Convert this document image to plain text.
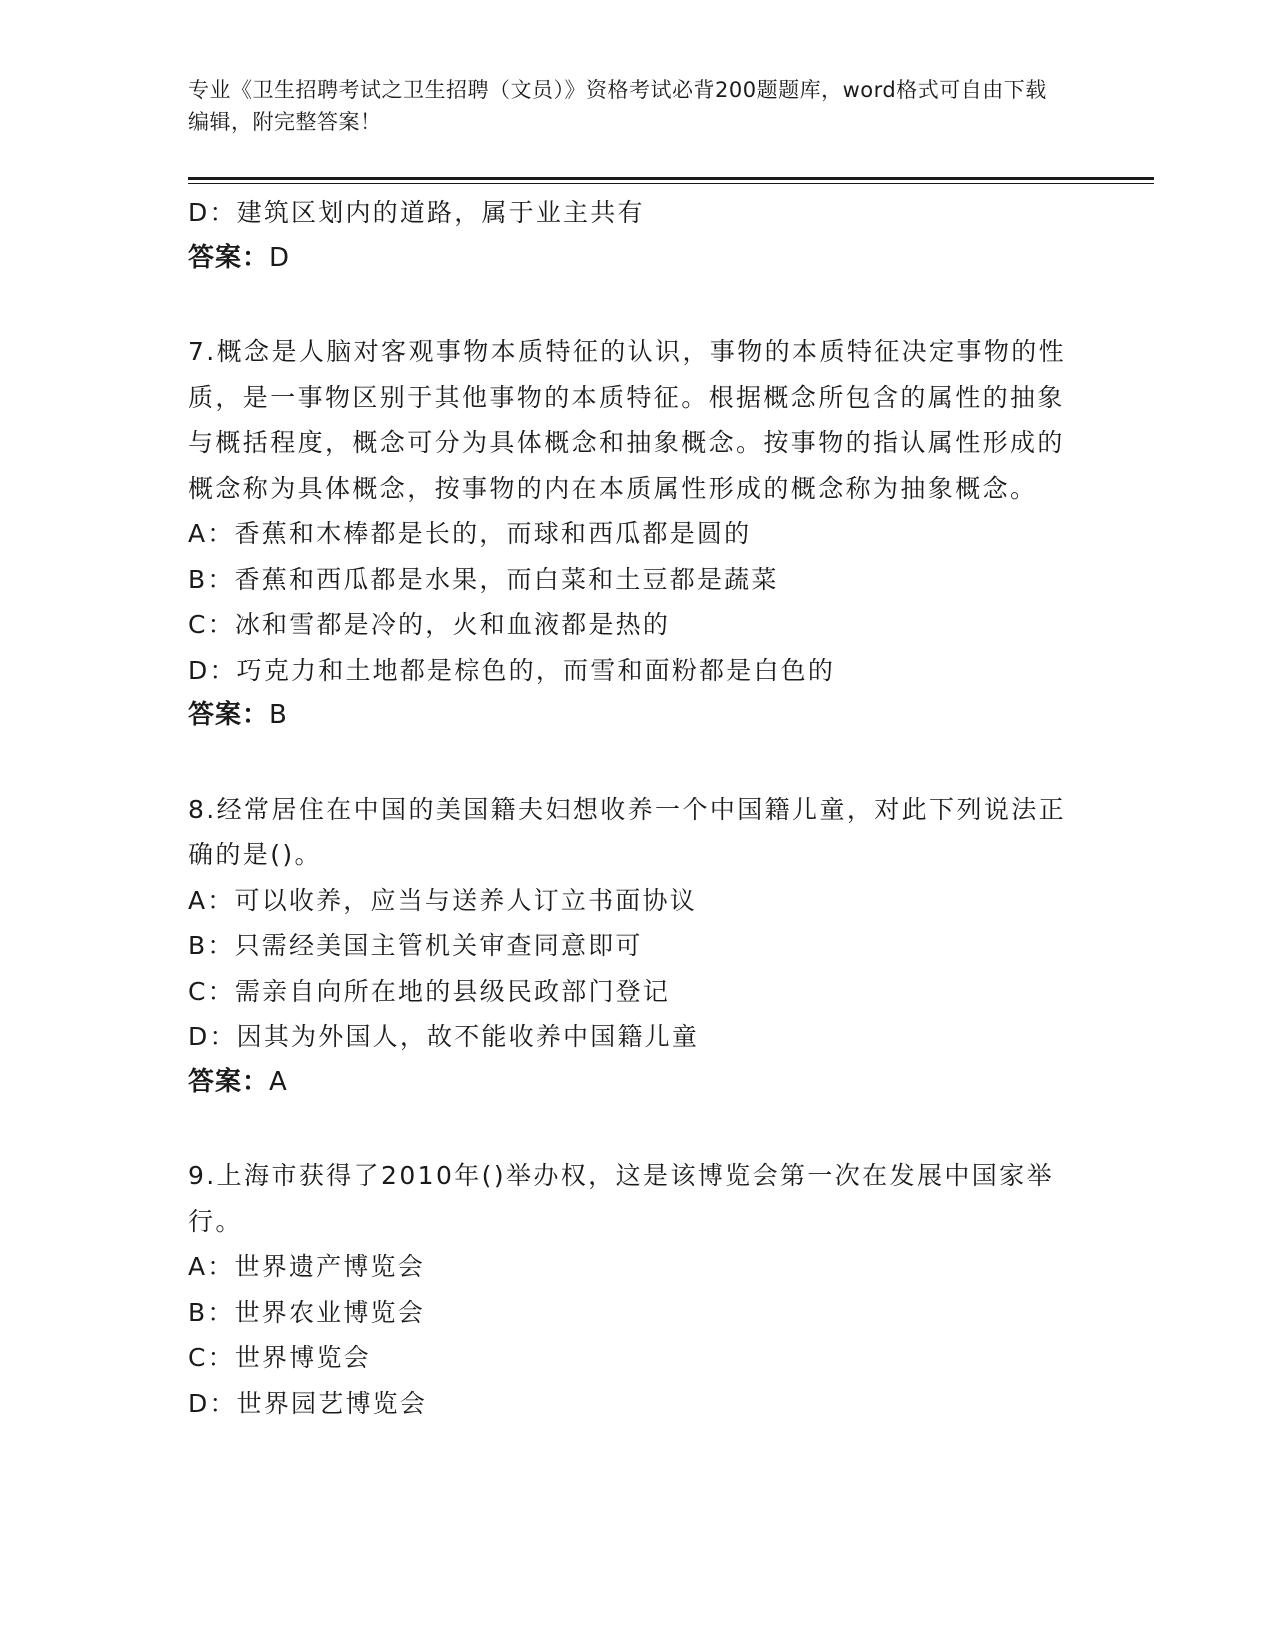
专业《卫生招聘考试之卫生招聘（文员）》资格考试必背200题题库，word格式可自由下载编辑，附完整答案！
D：建筑区划内的道路，属于业主共有
答案：D
7.概念是人脑对客观事物本质特征的认识，事物的本质特征决定事物的性质，是一事物区别于其他事物的本质特征。根据概念所包含的属性的抽象与概括程度，概念可分为具体概念和抽象概念。按事物的指认属性形成的概念称为具体概念，按事物的内在本质属性形成的概念称为抽象概念。
A：香蕉和木棒都是长的，而球和西瓜都是圆的
B：香蕉和西瓜都是水果，而白菜和土豆都是蔬菜
C：冰和雪都是冷的，火和血液都是热的
D：巧克力和土地都是棕色的，而雪和面粉都是白色的
答案：B
8.经常居住在中国的美国籍夫妇想收养一个中国籍儿童，对此下列说法正确的是()。
A：可以收养，应当与送养人订立书面协议
B：只需经美国主管机关审查同意即可
C：需亲自向所在地的县级民政部门登记
D：因其为外国人，故不能收养中国籍儿童
答案：A
9.上海市获得了2010年()举办权，这是该博览会第一次在发展中国家举行。
A：世界遗产博览会
B：世界农业博览会
C：世界博览会
D：世界园艺博览会
